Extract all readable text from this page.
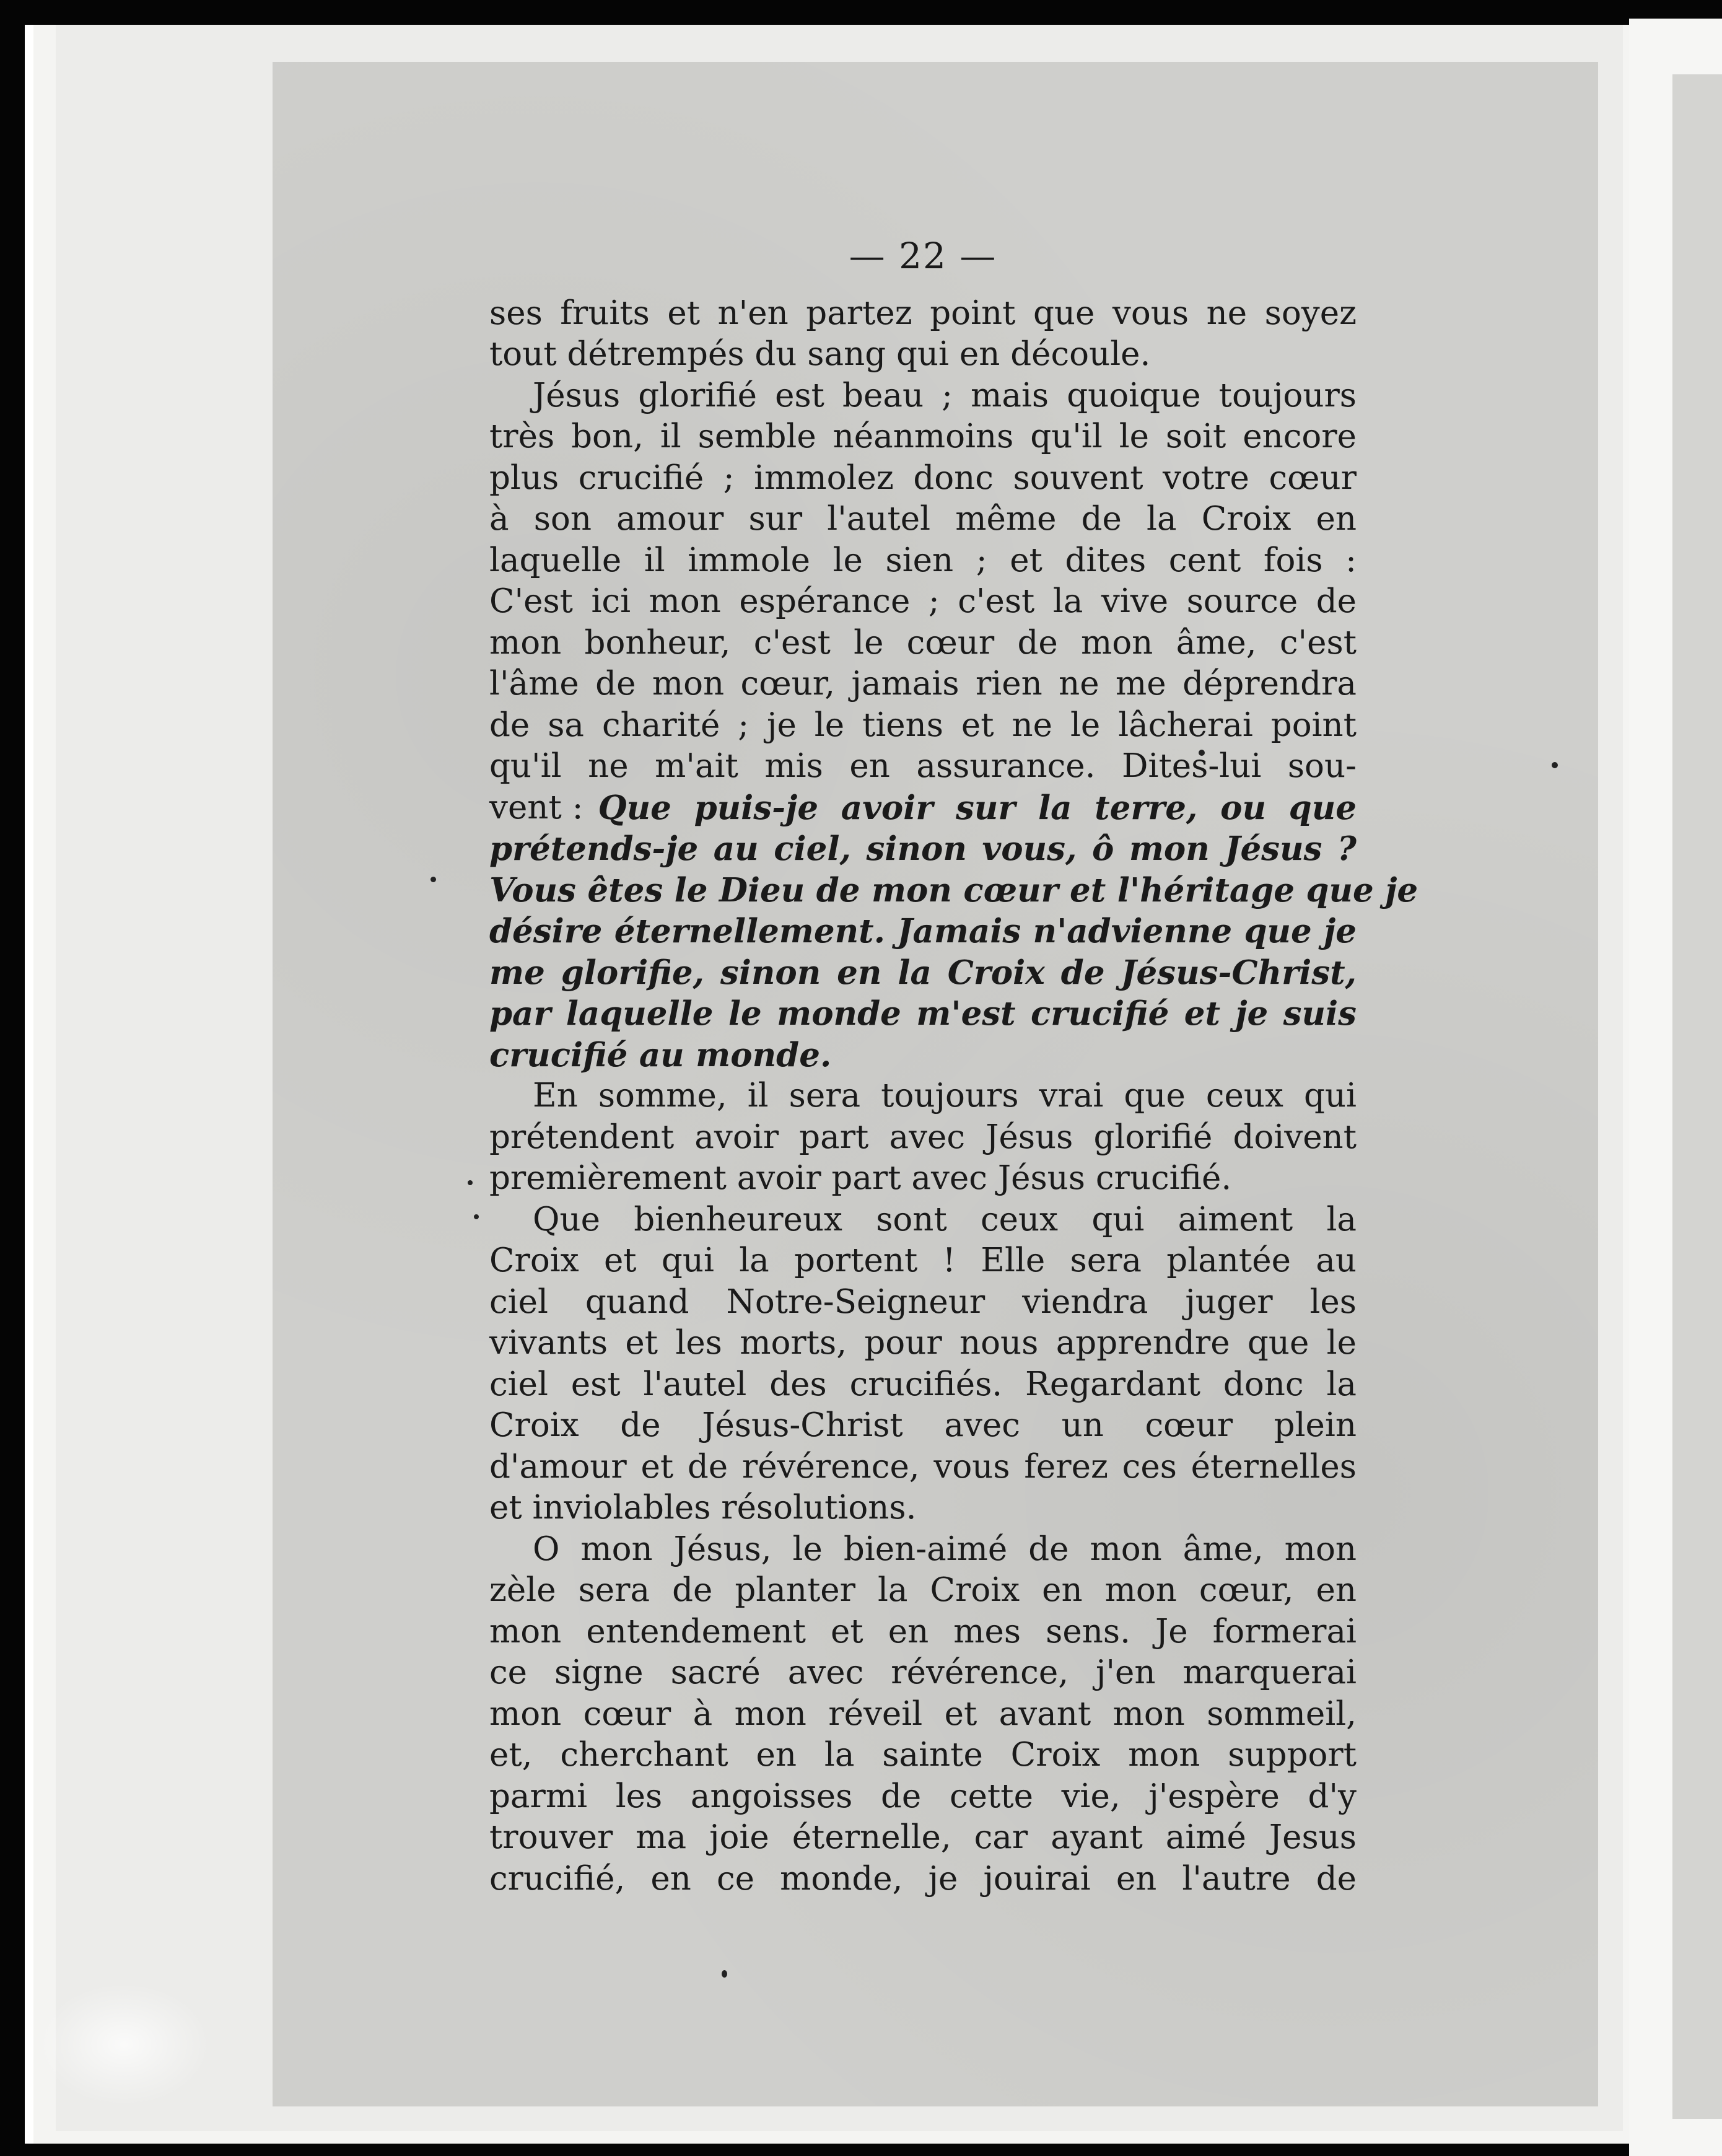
— 22 —
ses fruits et n'en partez point que vous ne soyez
tout détrempés du sang qui en découle.
Jésus glorifié est beau ; mais quoique toujours
très bon, il semble néanmoins qu'il le soit encore
plus crucifié ; immolez donc souvent votre cœur
à son amour sur l'autel même de la Croix en
laquelle il immole le sien ; et dites cent fois :
C'est ici mon espérance ; c'est la vive source de
mon bonheur, c'est le cœur de mon âme, c'est
l'âme de mon cœur, jamais rien ne me déprendra
de sa charité ; je le tiens et ne le lâcherai point
qu'il ne m'ait mis en assurance. Dites-lui sou-
vent : Que puis-je avoir sur la terre, ou que
prétends-je au ciel, sinon vous, ô mon Jésus ?
Vous êtes le Dieu de mon cœur et l'héritage que je
désire éternellement. Jamais n'advienne que je
me glorifie, sinon en la Croix de Jésus-Christ,
par laquelle le monde m'est crucifié et je suis
crucifié au monde.
En somme, il sera toujours vrai que ceux qui
prétendent avoir part avec Jésus glorifié doivent
premièrement avoir part avec Jésus crucifié.
Que bienheureux sont ceux qui aiment la
Croix et qui la portent ! Elle sera plantée au
ciel quand Notre-Seigneur viendra juger les
vivants et les morts, pour nous apprendre que le
ciel est l'autel des crucifiés. Regardant donc la
Croix de Jésus-Christ avec un cœur plein
d'amour et de révérence, vous ferez ces éternelles
et inviolables résolutions.
O mon Jésus, le bien-aimé de mon âme, mon
zèle sera de planter la Croix en mon cœur, en
mon entendement et en mes sens. Je formerai
ce signe sacré avec révérence, j'en marquerai
mon cœur à mon réveil et avant mon sommeil,
et, cherchant en la sainte Croix mon support
parmi les angoisses de cette vie, j'espère d'y
trouver ma joie éternelle, car ayant aimé Jesus
crucifié, en ce monde, je jouirai en l'autre de
